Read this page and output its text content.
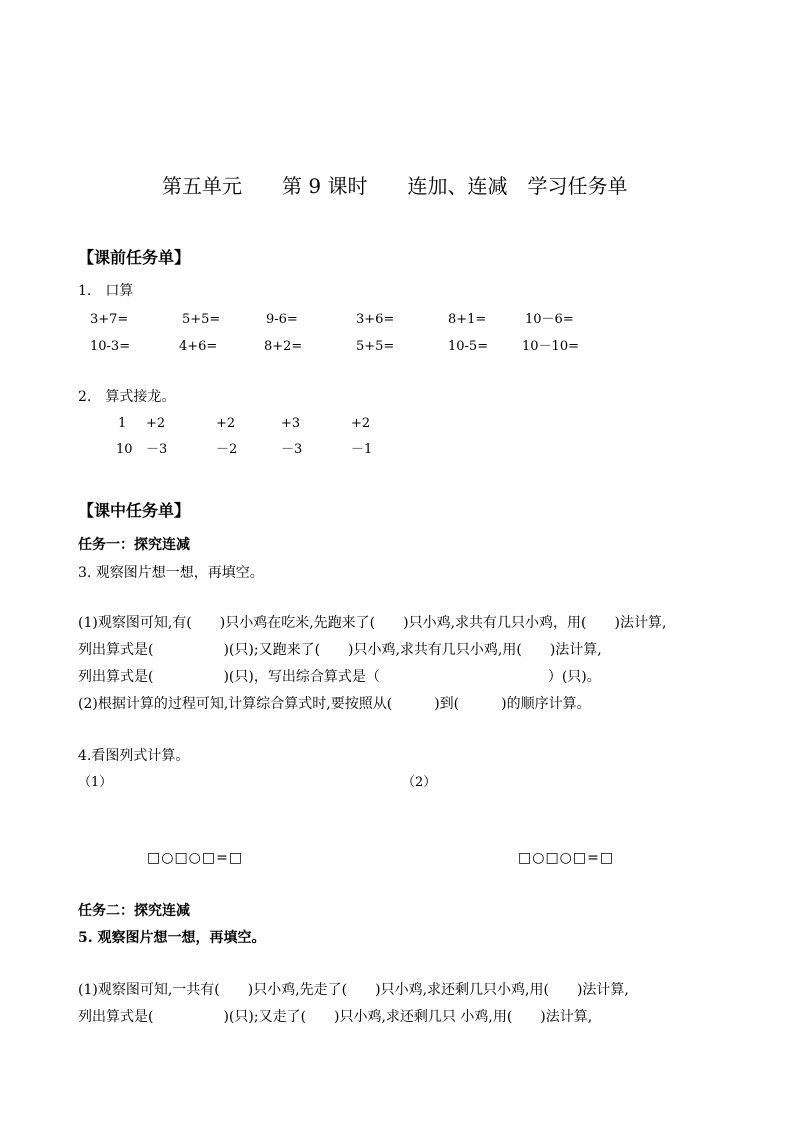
第五单元　　第 9 课时　　连加、连减　学习任务单
【课前任务单】
1.　口算
3+7=	5+5=	9-6=	3+6=	8+1=	10－6=
10-3=	4+6=	8+2=	5+5=	10-5=	10－10=
2.　算式接龙。
1 +2	+2	+3	+2
10 －3	－2	－3	－1
【课中任务单】
任务一：探究连减
3. 观察图片想一想，再填空。
(1)观察图可知,有(　　)只小鸡在吃米,先跑来了(　　)只小鸡,求共有几只小鸡，用(　　)法计算,
列出算式是(　　　　　)(只);又跑来了(　　)只小鸡,求共有几只小鸡,用(　　)法计算,
列出算式是(　　　　　)(只)，写出综合算式是（　　　　　　　　　　　　）(只)。
(2)根据计算的过程可知,计算综合算式时,要按照从(　　　)到(　　　)的顺序计算。
4.看图列式计算。
（1）	（2）
□○□○□=□	□○□○□=□
任务二：探究连减
5. 观察图片想一想，再填空。
(1)观察图可知,一共有(　　)只小鸡,先走了(　　)只小鸡,求还剩几只小鸡,用(　　)法计算,
列出算式是(　　　　　)(只);又走了(　　)只小鸡,求还剩几只 小鸡,用(　　)法计算,
